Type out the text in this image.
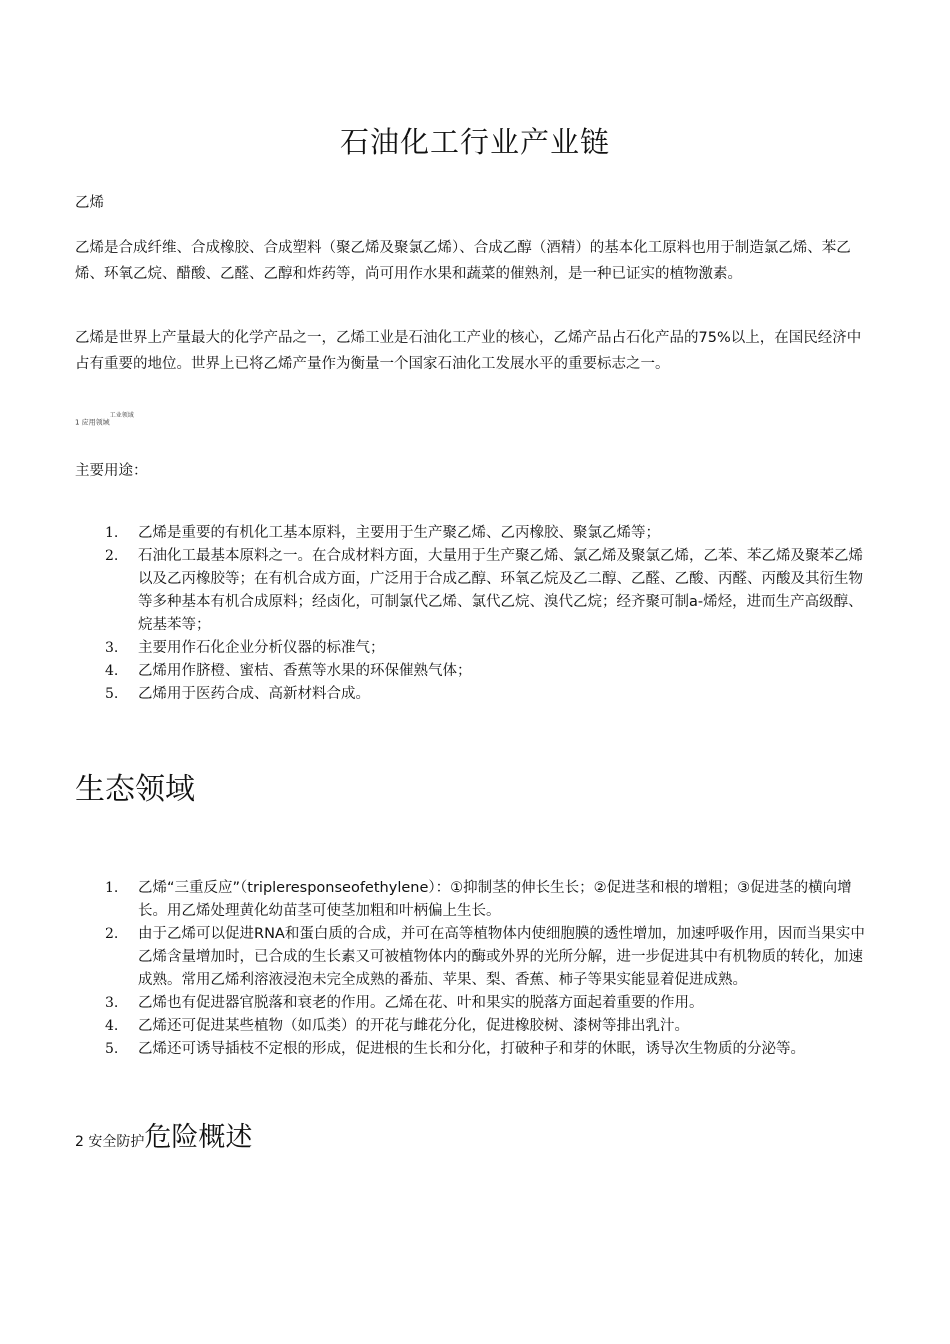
石油化工行业产业链

乙烯

乙烯是合成纤维、合成橡胶、合成塑料（聚乙烯及聚氯乙烯）、合成乙醇（酒精）的基本化工原料也用于制造氯乙烯、苯乙烯、环氧乙烷、醋酸、乙醛、乙醇和炸药等，尚可用作水果和蔬菜的催熟剂，是一种已证实的植物激素。

乙烯是世界上产量最大的化学产品之一，乙烯工业是石油化工产业的核心，乙烯产品占石化产品的75%以上，在国民经济中占有重要的地位。世界上已将乙烯产量作为衡量一个国家石油化工发展水平的重要标志之一。

1 应用领域$^{工业领域}$

主要用途：

1. 乙烯是重要的有机化工基本原料，主要用于生产聚乙烯、乙丙橡胶、聚氯乙烯等；
2. 石油化工最基本原料之一。在合成材料方面，大量用于生产聚乙烯、氯乙烯及聚氯乙烯，乙苯、苯乙烯及聚苯乙烯以及乙丙橡胶等；在有机合成方面，广泛用于合成乙醇、环氧乙烷及乙二醇、乙醛、乙酸、丙醛、丙酸及其衍生物等多种基本有机合成原料；经卤化，可制氯代乙烯、氯代乙烷、溴代乙烷；经齐聚可制a-烯烃，进而生产高级醇、烷基苯等；
3. 主要用作石化企业分析仪器的标准气；
4. 乙烯用作脐橙、蜜桔、香蕉等水果的环保催熟气体；
5. 乙烯用于医药合成、高新材料合成。
生态领域
1. 乙烯“三重反应”（tripleresponseofethylene）：①抑制茎的伸长生长；②促进茎和根的增粗；③促进茎的横向增长。用乙烯处理黄化幼苗茎可使茎加粗和叶柄偏上生长。
2. 由于乙烯可以促进RNA和蛋白质的合成，并可在高等植物体内使细胞膜的透性增加，加速呼吸作用，因而当果实中乙烯含量增加时，已合成的生长素又可被植物体内的酶或外界的光所分解，进一步促进其中有机物质的转化，加速成熟。常用乙烯利溶液浸泡未完全成熟的番茄、苹果、梨、香蕉、柿子等果实能显着促进成熟。
3. 乙烯也有促进器官脱落和衰老的作用。乙烯在花、叶和果实的脱落方面起着重要的作用。
4. 乙烯还可促进某些植物（如瓜类）的开花与雌花分化，促进橡胶树、漆树等排出乳汁。
5. 乙烯还可诱导插枝不定根的形成，促进根的生长和分化，打破种子和芽的休眠，诱导次生物质的分泌等。
2 安全防护危险概述
